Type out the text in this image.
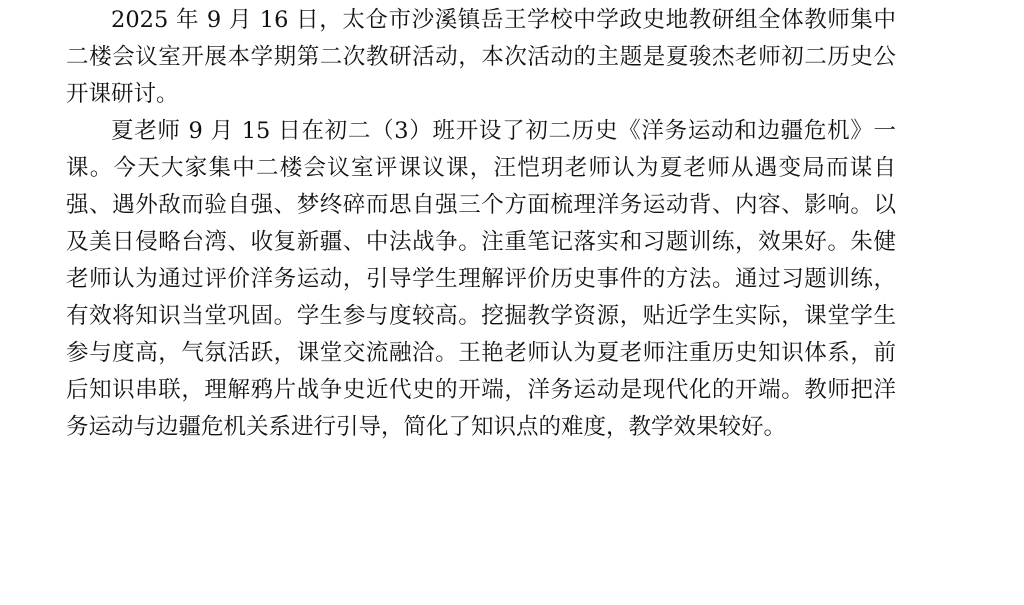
2025 年 9 月 16 日，太仓市沙溪镇岳王学校中学政史地教研组全体教师集中二楼会议室开展本学期第二次教研活动，本次活动的主题是夏骏杰老师初二历史公开课研讨。

夏老师 9 月 15 日在初二（3）班开设了初二历史《洋务运动和边疆危机》一课。今天大家集中二楼会议室评课议课，汪恺玥老师认为夏老师从遇变局而谋自强、遇外敌而验自强、梦终碎而思自强三个方面梳理洋务运动背、内容、影响。以及美日侵略台湾、收复新疆、中法战争。注重笔记落实和习题训练，效果好。朱健老师认为通过评价洋务运动，引导学生理解评价历史事件的方法。通过习题训练，有效将知识当堂巩固。学生参与度较高。挖掘教学资源，贴近学生实际，课堂学生参与度高，气氛活跃，课堂交流融洽。王艳老师认为夏老师注重历史知识体系，前后知识串联，理解鸦片战争史近代史的开端，洋务运动是现代化的开端。教师把洋务运动与边疆危机关系进行引导，简化了知识点的难度，教学效果较好。
